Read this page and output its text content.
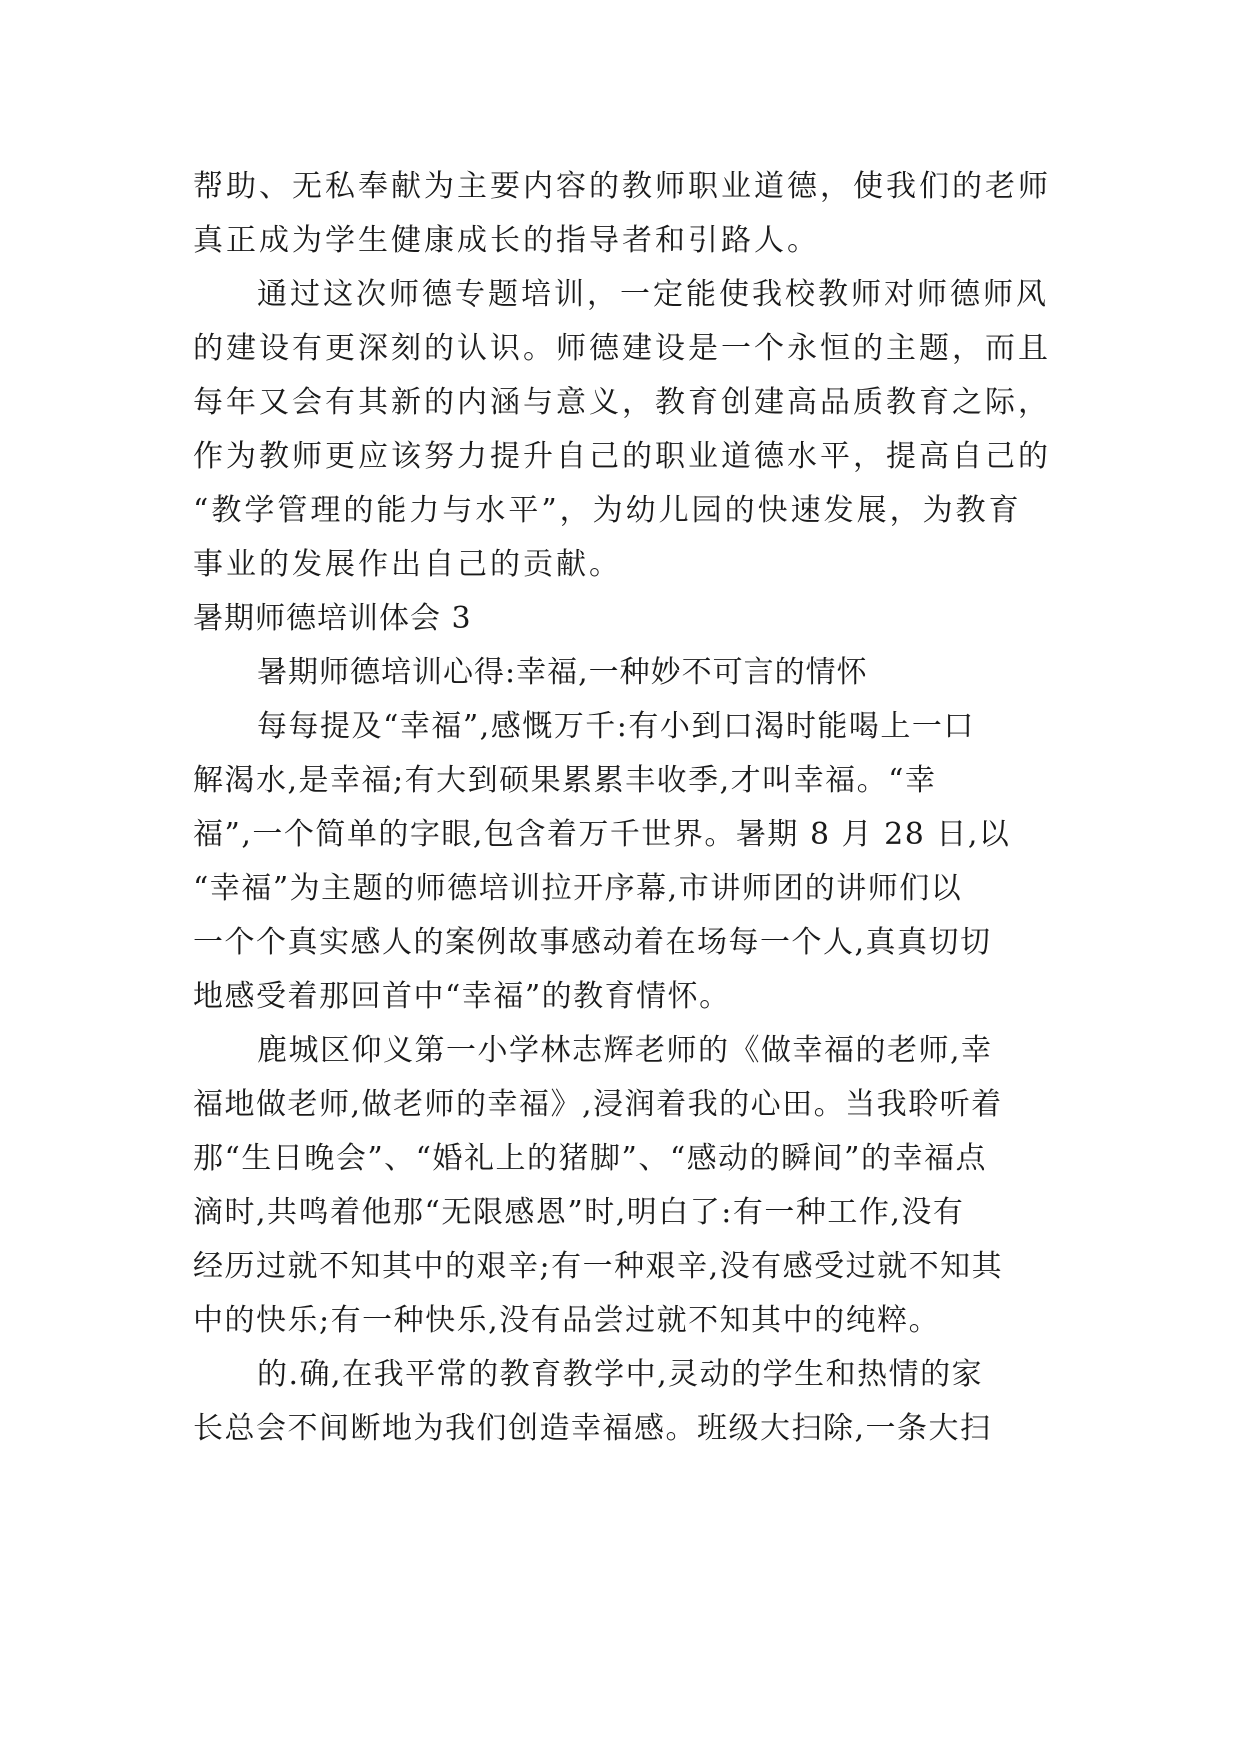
帮助、无私奉献为主要内容的教师职业道德，使我们的老师
真正成为学生健康成长的指导者和引路人。
通过这次师德专题培训，一定能使我校教师对师德师风
的建设有更深刻的认识。师德建设是一个永恒的主题，而且
每年又会有其新的内涵与意义，教育创建高品质教育之际，
作为教师更应该努力提升自己的职业道德水平，提高自己的
“教学管理的能力与水平”，为幼儿园的快速发展，为教育
事业的发展作出自己的贡献。
暑期师德培训体会 3
暑期师德培训心得:幸福,一种妙不可言的情怀
每每提及“幸福”,感慨万千:有小到口渴时能喝上一口
解渴水,是幸福;有大到硕果累累丰收季,才叫幸福。“幸
福”,一个简单的字眼,包含着万千世界。暑期 8 月 28 日,以
“幸福”为主题的师德培训拉开序幕,市讲师团的讲师们以
一个个真实感人的案例故事感动着在场每一个人,真真切切
地感受着那回首中“幸福”的教育情怀。
鹿城区仰义第一小学林志辉老师的《做幸福的老师,幸
福地做老师,做老师的幸福》,浸润着我的心田。当我聆听着
那“生日晚会”、“婚礼上的猪脚”、“感动的瞬间”的幸福点
滴时,共鸣着他那“无限感恩”时,明白了:有一种工作,没有
经历过就不知其中的艰辛;有一种艰辛,没有感受过就不知其
中的快乐;有一种快乐,没有品尝过就不知其中的纯粹。
的.确,在我平常的教育教学中,灵动的学生和热情的家
长总会不间断地为我们创造幸福感。班级大扫除,一条大扫
